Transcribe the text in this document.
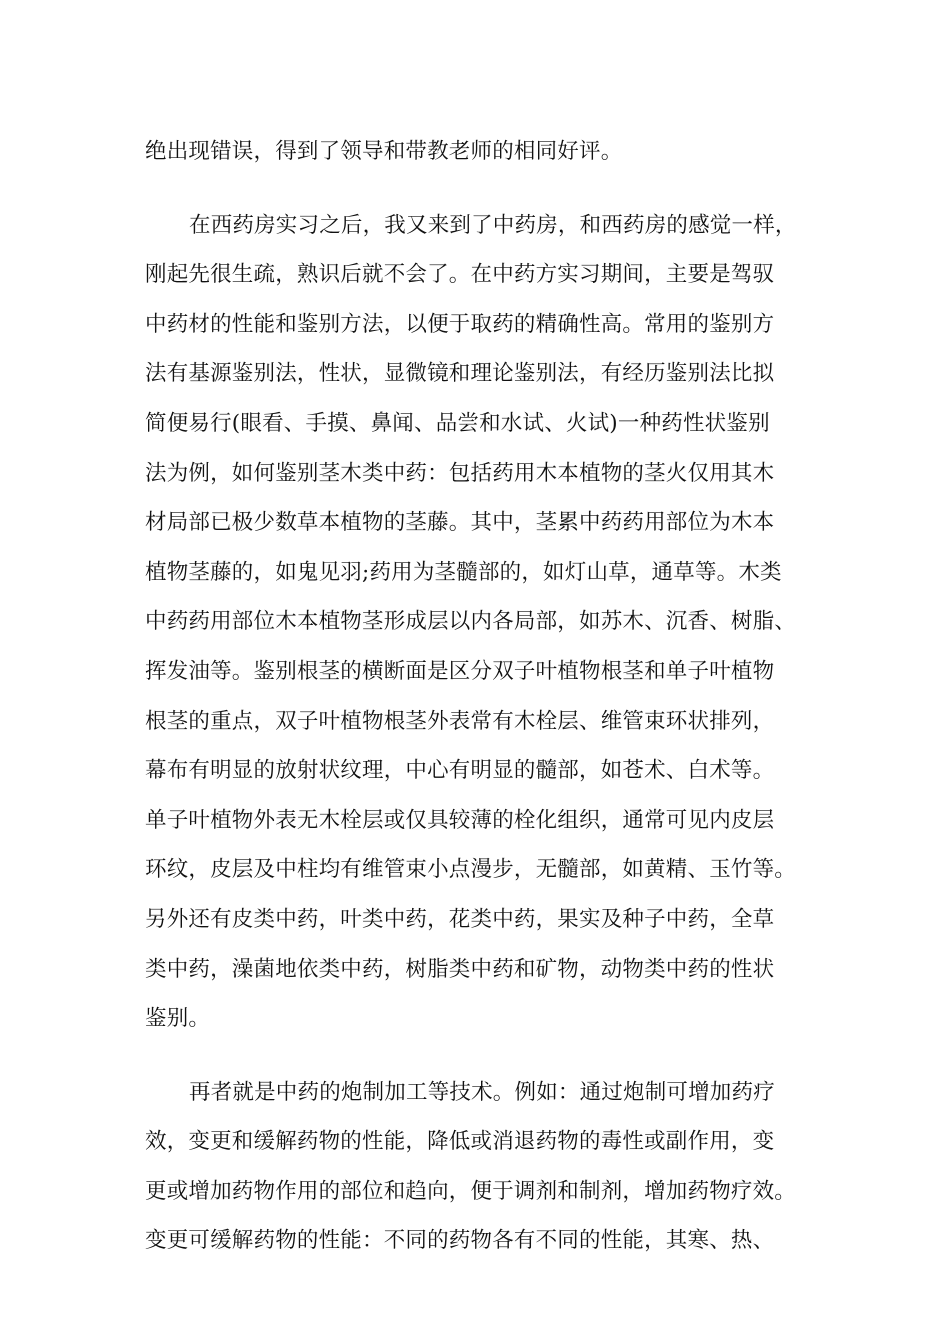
绝出现错误，得到了领导和带教老师的相同好评。
在西药房实习之后，我又来到了中药房，和西药房的感觉一样，
刚起先很生疏，熟识后就不会了。在中药方实习期间，主要是驾驭
中药材的性能和鉴别方法，以便于取药的精确性高。常用的鉴别方
法有基源鉴别法，性状，显微镜和理论鉴别法，有经历鉴别法比拟
简便易行(眼看、手摸、鼻闻、品尝和水试、火试)一种药性状鉴别
法为例，如何鉴别茎木类中药：包括药用木本植物的茎火仅用其木
材局部已极少数草本植物的茎藤。其中，茎累中药药用部位为木本
植物茎藤的，如鬼见羽;药用为茎髓部的，如灯山草，通草等。木类
中药药用部位木本植物茎形成层以内各局部，如苏木、沉香、树脂、
挥发油等。鉴别根茎的横断面是区分双子叶植物根茎和单子叶植物
根茎的重点，双子叶植物根茎外表常有木栓层、维管束环状排列，
幕布有明显的放射状纹理，中心有明显的髓部，如苍术、白术等。
单子叶植物外表无木栓层或仅具较薄的栓化组织，通常可见内皮层
环纹，皮层及中柱均有维管束小点漫步，无髓部，如黄精、玉竹等。
另外还有皮类中药，叶类中药，花类中药，果实及种子中药，全草
类中药，澡菌地依类中药，树脂类中药和矿物，动物类中药的性状
鉴别。
再者就是中药的炮制加工等技术。例如：通过炮制可增加药疗
效，变更和缓解药物的性能，降低或消退药物的毒性或副作用，变
更或增加药物作用的部位和趋向，便于调剂和制剂，增加药物疗效。
变更可缓解药物的性能：不同的药物各有不同的性能，其寒、热、
